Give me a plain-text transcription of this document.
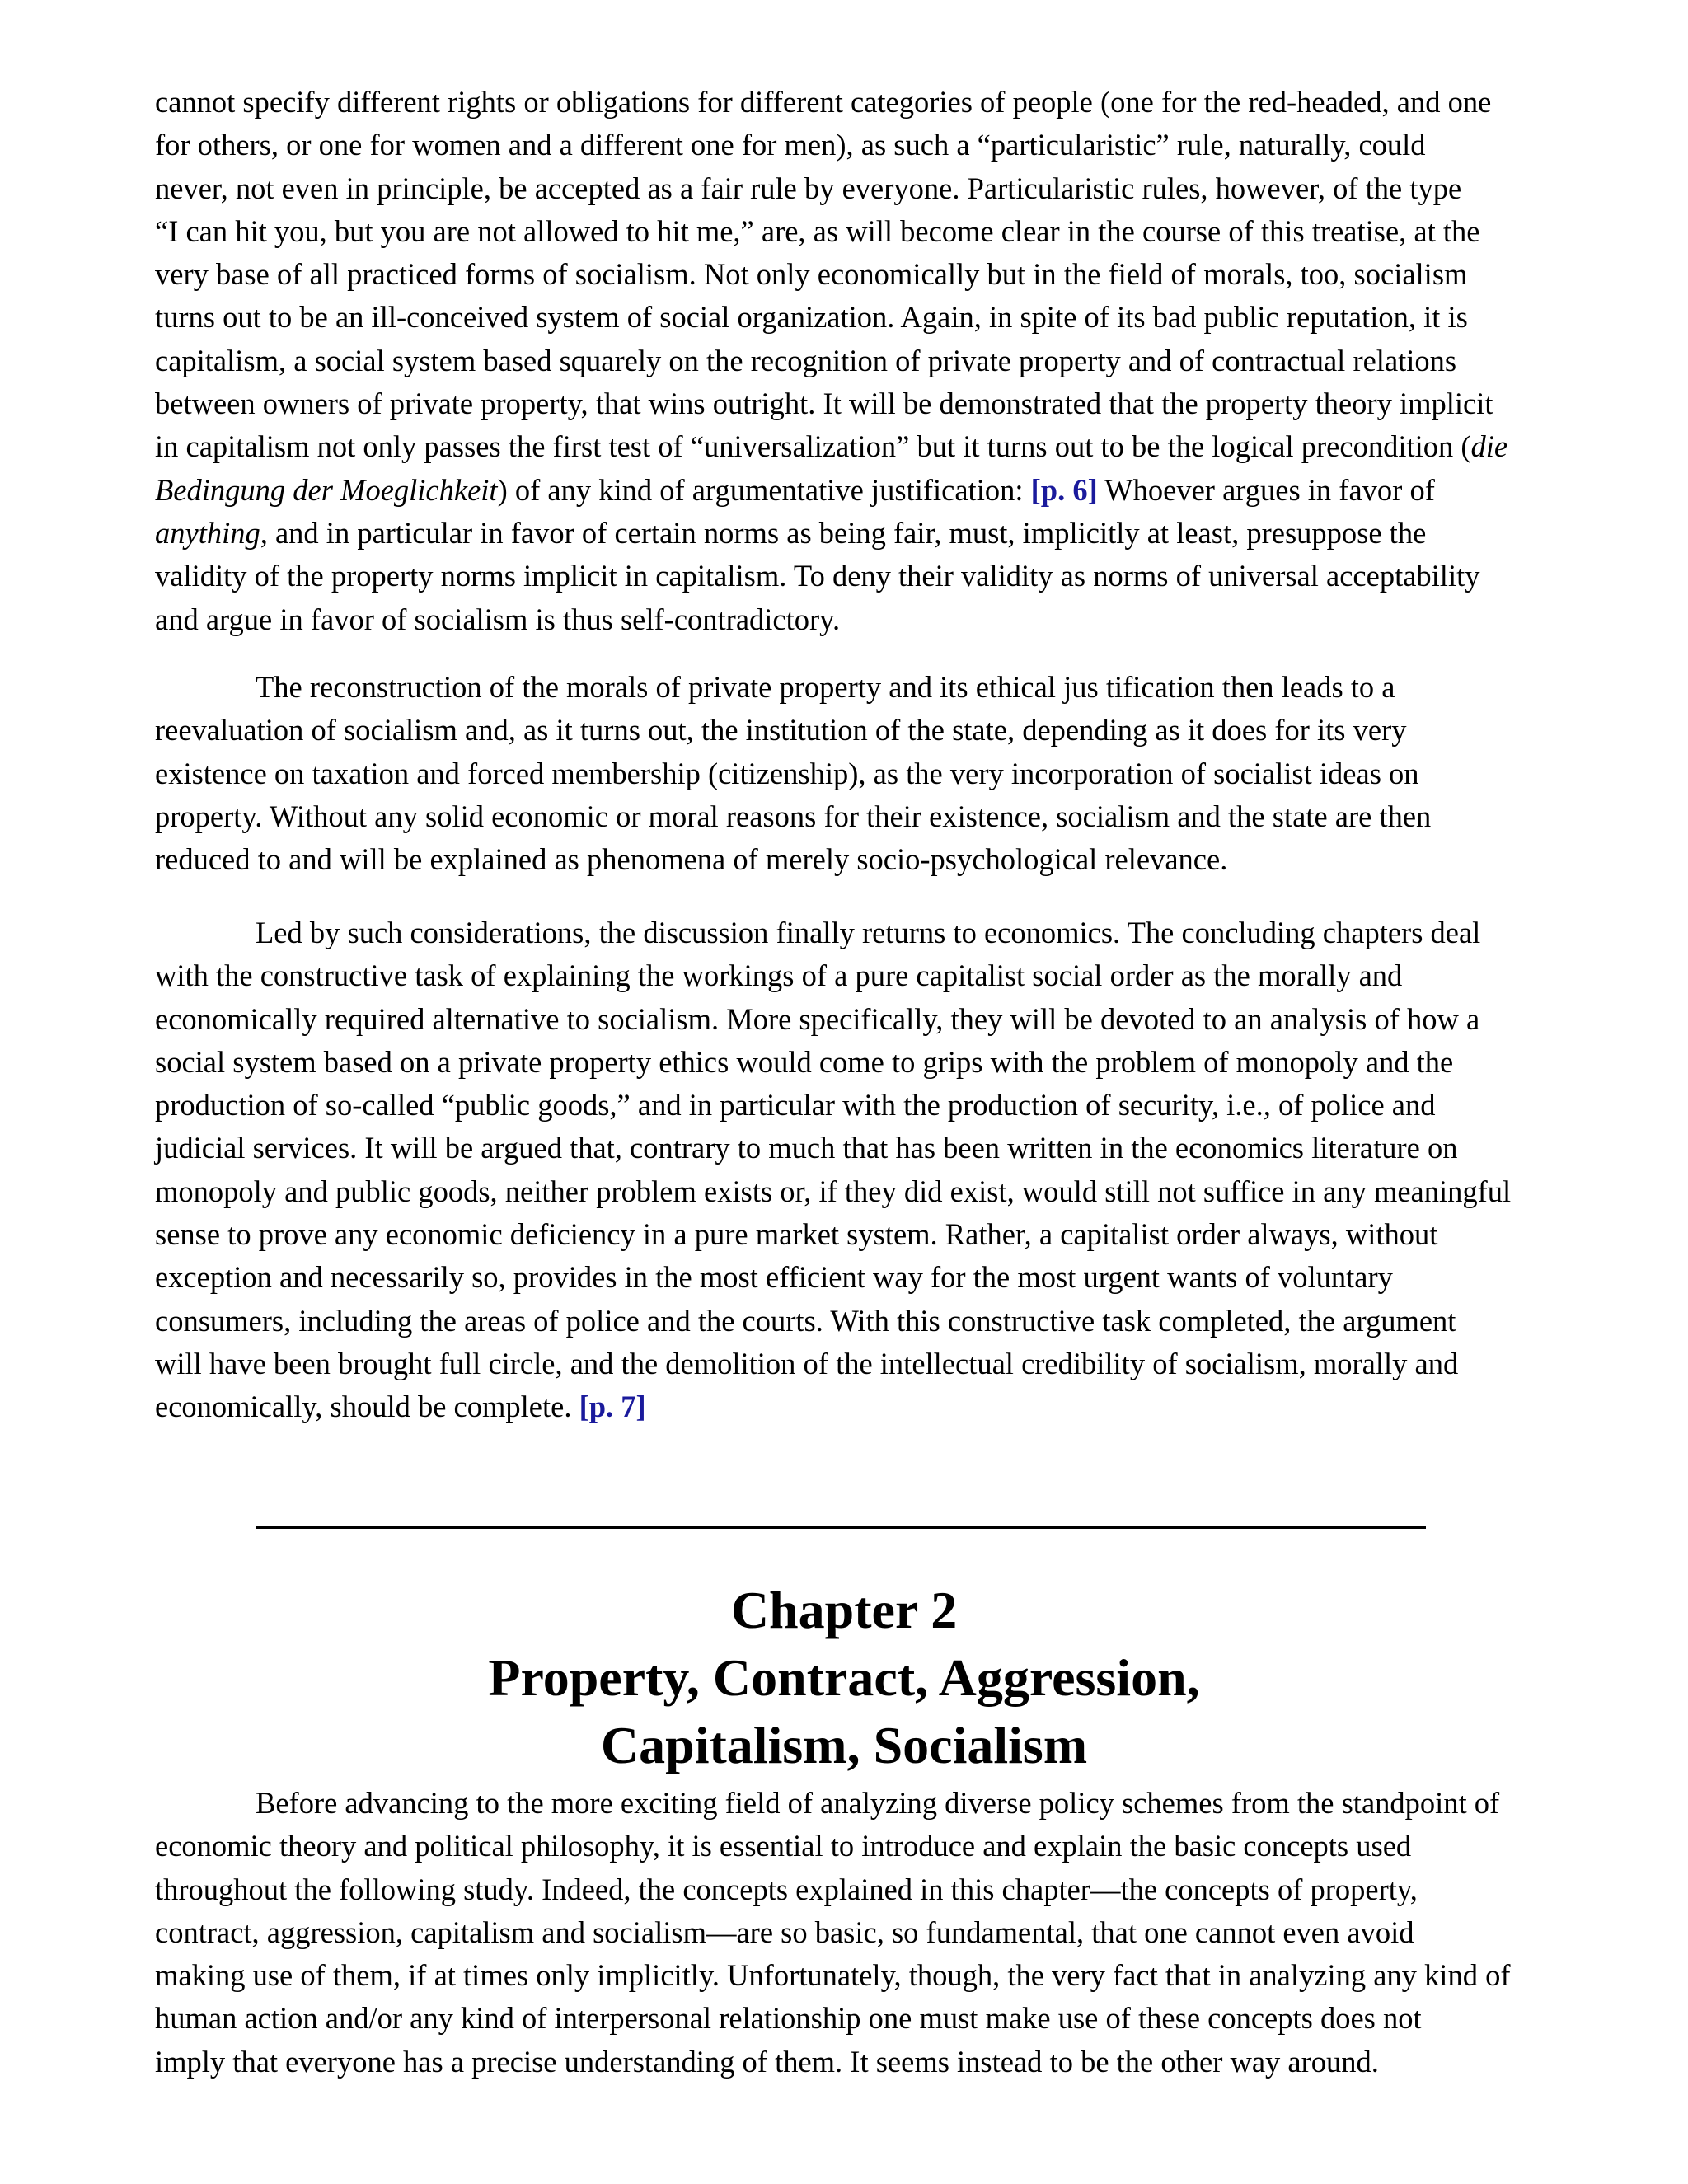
cannot specify different rights or obligations for different categories of people (one for the red-headed, and one
for others, or one for women and a different one for men), as such a “particularistic” rule, naturally, could
never, not even in principle, be accepted as a fair rule by everyone. Particularistic rules, however, of the type
“I can hit you, but you are not allowed to hit me,” are, as will become clear in the course of this treatise, at the
very base of all practiced forms of socialism. Not only economically but in the field of morals, too, socialism
turns out to be an ill-conceived system of social organization. Again, in spite of its bad public reputation, it is
capitalism, a social system based squarely on the recognition of private property and of contractual relations
between owners of private property, that wins outright. It will be demonstrated that the property theory implicit
in capitalism not only passes the first test of “universalization” but it turns out to be the logical precondition (die
Bedingung der Moeglichkeit) of any kind of argumentative justification: [p. 6] Whoever argues in favor of
anything, and in particular in favor of certain norms as being fair, must, implicitly at least, presuppose the
validity of the property norms implicit in capitalism. To deny their validity as norms of universal acceptability
and argue in favor of socialism is thus self-contradictory.

The reconstruction of the morals of private property and its ethical jus tification then leads to a
reevaluation of socialism and, as it turns out, the institution of the state, depending as it does for its very
existence on taxation and forced membership (citizenship), as the very incorporation of socialist ideas on
property. Without any solid economic or moral reasons for their existence, socialism and the state are then
reduced to and will be explained as phenomena of merely socio-psychological relevance.

Led by such considerations, the discussion finally returns to economics. The concluding chapters deal
with the constructive task of explaining the workings of a pure capitalist social order as the morally and
economically required alternative to socialism. More specifically, they will be devoted to an analysis of how a
social system based on a private property ethics would come to grips with the problem of monopoly and the
production of so-called “public goods,” and in particular with the production of security, i.e., of police and
judicial services. It will be argued that, contrary to much that has been written in the economics literature on
monopoly and public goods, neither problem exists or, if they did exist, would still not suffice in any meaningful
sense to prove any economic deficiency in a pure market system. Rather, a capitalist order always, without
exception and necessarily so, provides in the most efficient way for the most urgent wants of voluntary
consumers, including the areas of police and the courts. With this constructive task completed, the argument
will have been brought full circle, and the demolition of the intellectual credibility of socialism, morally and
economically, should be complete. [p. 7]

Chapter 2
Property, Contract, Aggression,
Capitalism, Socialism

Before advancing to the more exciting field of analyzing diverse policy schemes from the standpoint of
economic theory and political philosophy, it is essential to introduce and explain the basic concepts used
throughout the following study. Indeed, the concepts explained in this chapter—the concepts of property,
contract, aggression, capitalism and socialism—are so basic, so fundamental, that one cannot even avoid
making use of them, if at times only implicitly. Unfortunately, though, the very fact that in analyzing any kind of
human action and/or any kind of interpersonal relationship one must make use of these concepts does not
imply that everyone has a precise understanding of them. It seems instead to be the other way around.
